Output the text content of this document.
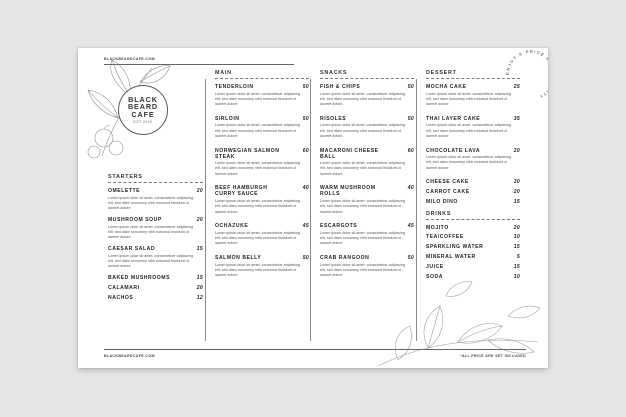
ENJOY & PRICE BEST QUALITY
BLACKBEARDCAFE.COM
BLACKBEARDCAFE.COM	*ALL PRICE ARE SET INCLUDED
BLACK
BEARD
CAFE
EST 2020
STARTERS
OMELETTE	20
Lorem ipsum dolor sit amet, consectetuer adipiscing elit, sed diam nonummy nibh euismod tincidunt ut laoreet dolore
MUSHROOM SOUP	20
Lorem ipsum dolor sit amet, consectetuer adipiscing elit, sed diam nonummy nibh euismod tincidunt ut laoreet dolore
CAESAR SALAD	15
Lorem ipsum dolor sit amet, consectetuer adipiscing elit, sed diam nonummy nibh euismod tincidunt ut laoreet dolore
BAKED MUSHROOMS	15
CALAMARI	20
NACHOS	12
MAIN
TENDERLOIN	50
Lorem ipsum dolor sit amet, consectetuer adipiscing elit, sed diam nonummy nibh euismod tincidunt ut laoreet dolore
SIRLOIN	50
Lorem ipsum dolor sit amet, consectetuer adipiscing elit, sed diam nonummy nibh euismod tincidunt ut laoreet dolore
NORWEGIAN SALMON STEAK
60
Lorem ipsum dolor sit amet, consectetuer adipiscing elit, sed diam nonummy nibh euismod tincidunt ut laoreet dolore
BEEF HAMBURGH CURRY SAUCE
40
Lorem ipsum dolor sit amet, consectetuer adipiscing elit, sed diam nonummy nibh euismod tincidunt ut laoreet dolore
OCHAZUKE	45
Lorem ipsum dolor sit amet, consectetuer adipiscing elit, sed diam nonummy nibh euismod tincidunt ut laoreet dolore
SALMON BELLY	50
Lorem ipsum dolor sit amet, consectetuer adipiscing elit, sed diam nonummy nibh euismod tincidunt ut laoreet dolore
SNACKS
FISH & CHIPS	50
Lorem ipsum dolor sit amet, consectetuer adipiscing elit, sed diam nonummy nibh euismod tincidunt ut laoreet dolore
RISOLES	50
Lorem ipsum dolor sit amet, consectetuer adipiscing elit, sed diam nonummy nibh euismod tincidunt ut laoreet dolore
MACARONI CHEESE BALL
60
Lorem ipsum dolor sit amet, consectetuer adipiscing elit, sed diam nonummy nibh euismod tincidunt ut laoreet dolore
WARM MUSHROOM ROLLS
40
Lorem ipsum dolor sit amet, consectetuer adipiscing elit, sed diam nonummy nibh euismod tincidunt ut laoreet dolore
ESCARGOTS	45
Lorem ipsum dolor sit amet, consectetuer adipiscing elit, sed diam nonummy nibh euismod tincidunt ut laoreet dolore
CRAB RANGOON	50
Lorem ipsum dolor sit amet, consectetuer adipiscing elit, sed diam nonummy nibh euismod tincidunt ut laoreet dolore
DESSERT
MOCHA CAKE	25
Lorem ipsum dolor sit amet, consectetuer adipiscing elit, sed diam nonummy nibh euismod tincidunt ut laoreet dolore
THAI LAYER CAKE	35
Lorem ipsum dolor sit amet, consectetuer adipiscing elit, sed diam nonummy nibh euismod tincidunt ut laoreet dolore
CHOCOLATE LAVA	20
Lorem ipsum dolor sit amet, consectetuer adipiscing elit, sed diam nonummy nibh euismod tincidunt ut laoreet dolore
CHEESE CAKE	30
CARROT CAKE	20
MILO DINO	15
DRINKS
MOJITO	20
TEA/COFFEE	10
SPARKLING WATER	15
MINERAL WATER	5
JUICE	15
SODA	10
